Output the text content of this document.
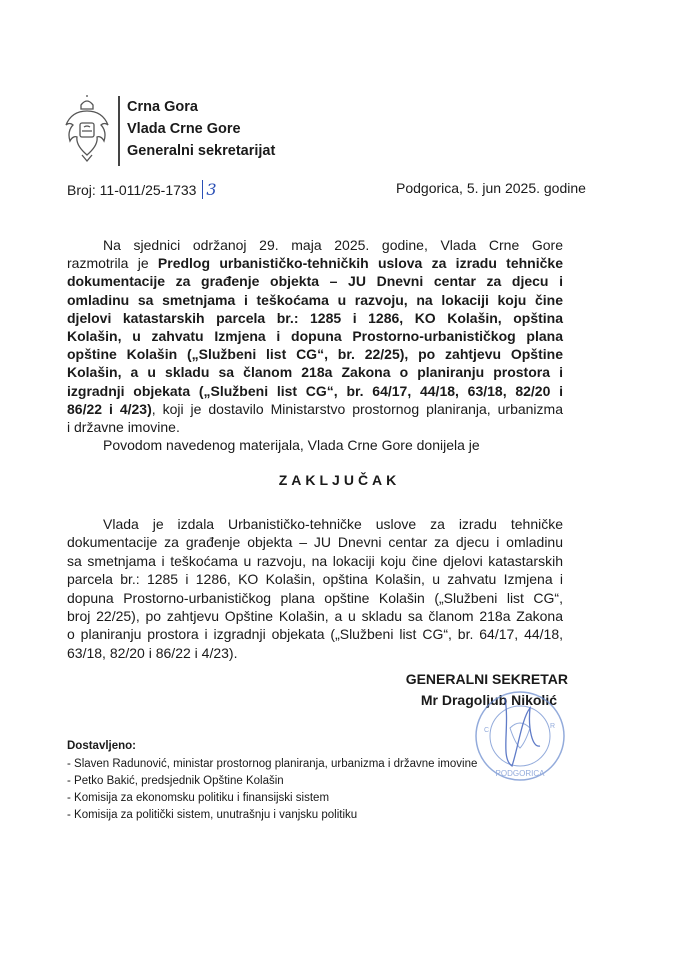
Crna Gora
Vlada Crne Gore
Generalni sekretarijat
Broj: 11-011/25-1733 3	Podgorica, 5. jun 2025. godine
Na sjednici održanoj 29. maja 2025. godine, Vlada Crne Gore
razmotrila je Predlog urbanističko-tehničkih uslova za izradu tehničke
dokumentacije za građenje objekta – JU Dnevni centar za djecu i
omladinu sa smetnjama i teškoćama u razvoju, na lokaciji koju čine
djelovi katastarskih parcela br.: 1285 i 1286, KO Kolašin, opština
Kolašin, u zahvatu Izmjena i dopuna Prostorno-urbanističkog plana
opštine Kolašin („Službeni list CG“, br. 22/25), po zahtjevu Opštine
Kolašin, a u skladu sa članom 218a Zakona o planiranju prostora i
izgradnji objekata („Službeni list CG“, br. 64/17, 44/18, 63/18, 82/20 i
86/22 i 4/23), koji je dostavilo Ministarstvo prostornog planiranja, urbanizma
i državne imovine.
Povodom navedenog materijala, Vlada Crne Gore donijela je
ZAKLJUČAK
Vlada je izdala Urbanističko-tehničke uslove za izradu tehničke
dokumentacije za građenje objekta – JU Dnevni centar za djecu i omladinu
sa smetnjama i teškoćama u razvoju, na lokaciji koju čine djelovi katastarskih
parcela br.: 1285 i 1286, KO Kolašin, opština Kolašin, u zahvatu Izmjena i
dopuna Prostorno-urbanističkog plana opštine Kolašin („Službeni list CG“,
broj 22/25), po zahtjevu Opštine Kolašin, a u skladu sa članom 218a Zakona
o planiranju prostora i izgradnji objekata („Službeni list CG“, br. 64/17, 44/18,
63/18, 82/20 i 86/22 i 4/23).
GENERALNI SEKRETAR
Mr Dragoljub Nikolić
PODGORICA
C
R
Dostavljeno:
- Slaven Radunović, ministar prostornog planiranja, urbanizma i državne imovine
- Petko Bakić, predsjednik Opštine Kolašin
- Komisija za ekonomsku politiku i finansijski sistem
- Komisija za politički sistem, unutrašnju i vanjsku politiku
